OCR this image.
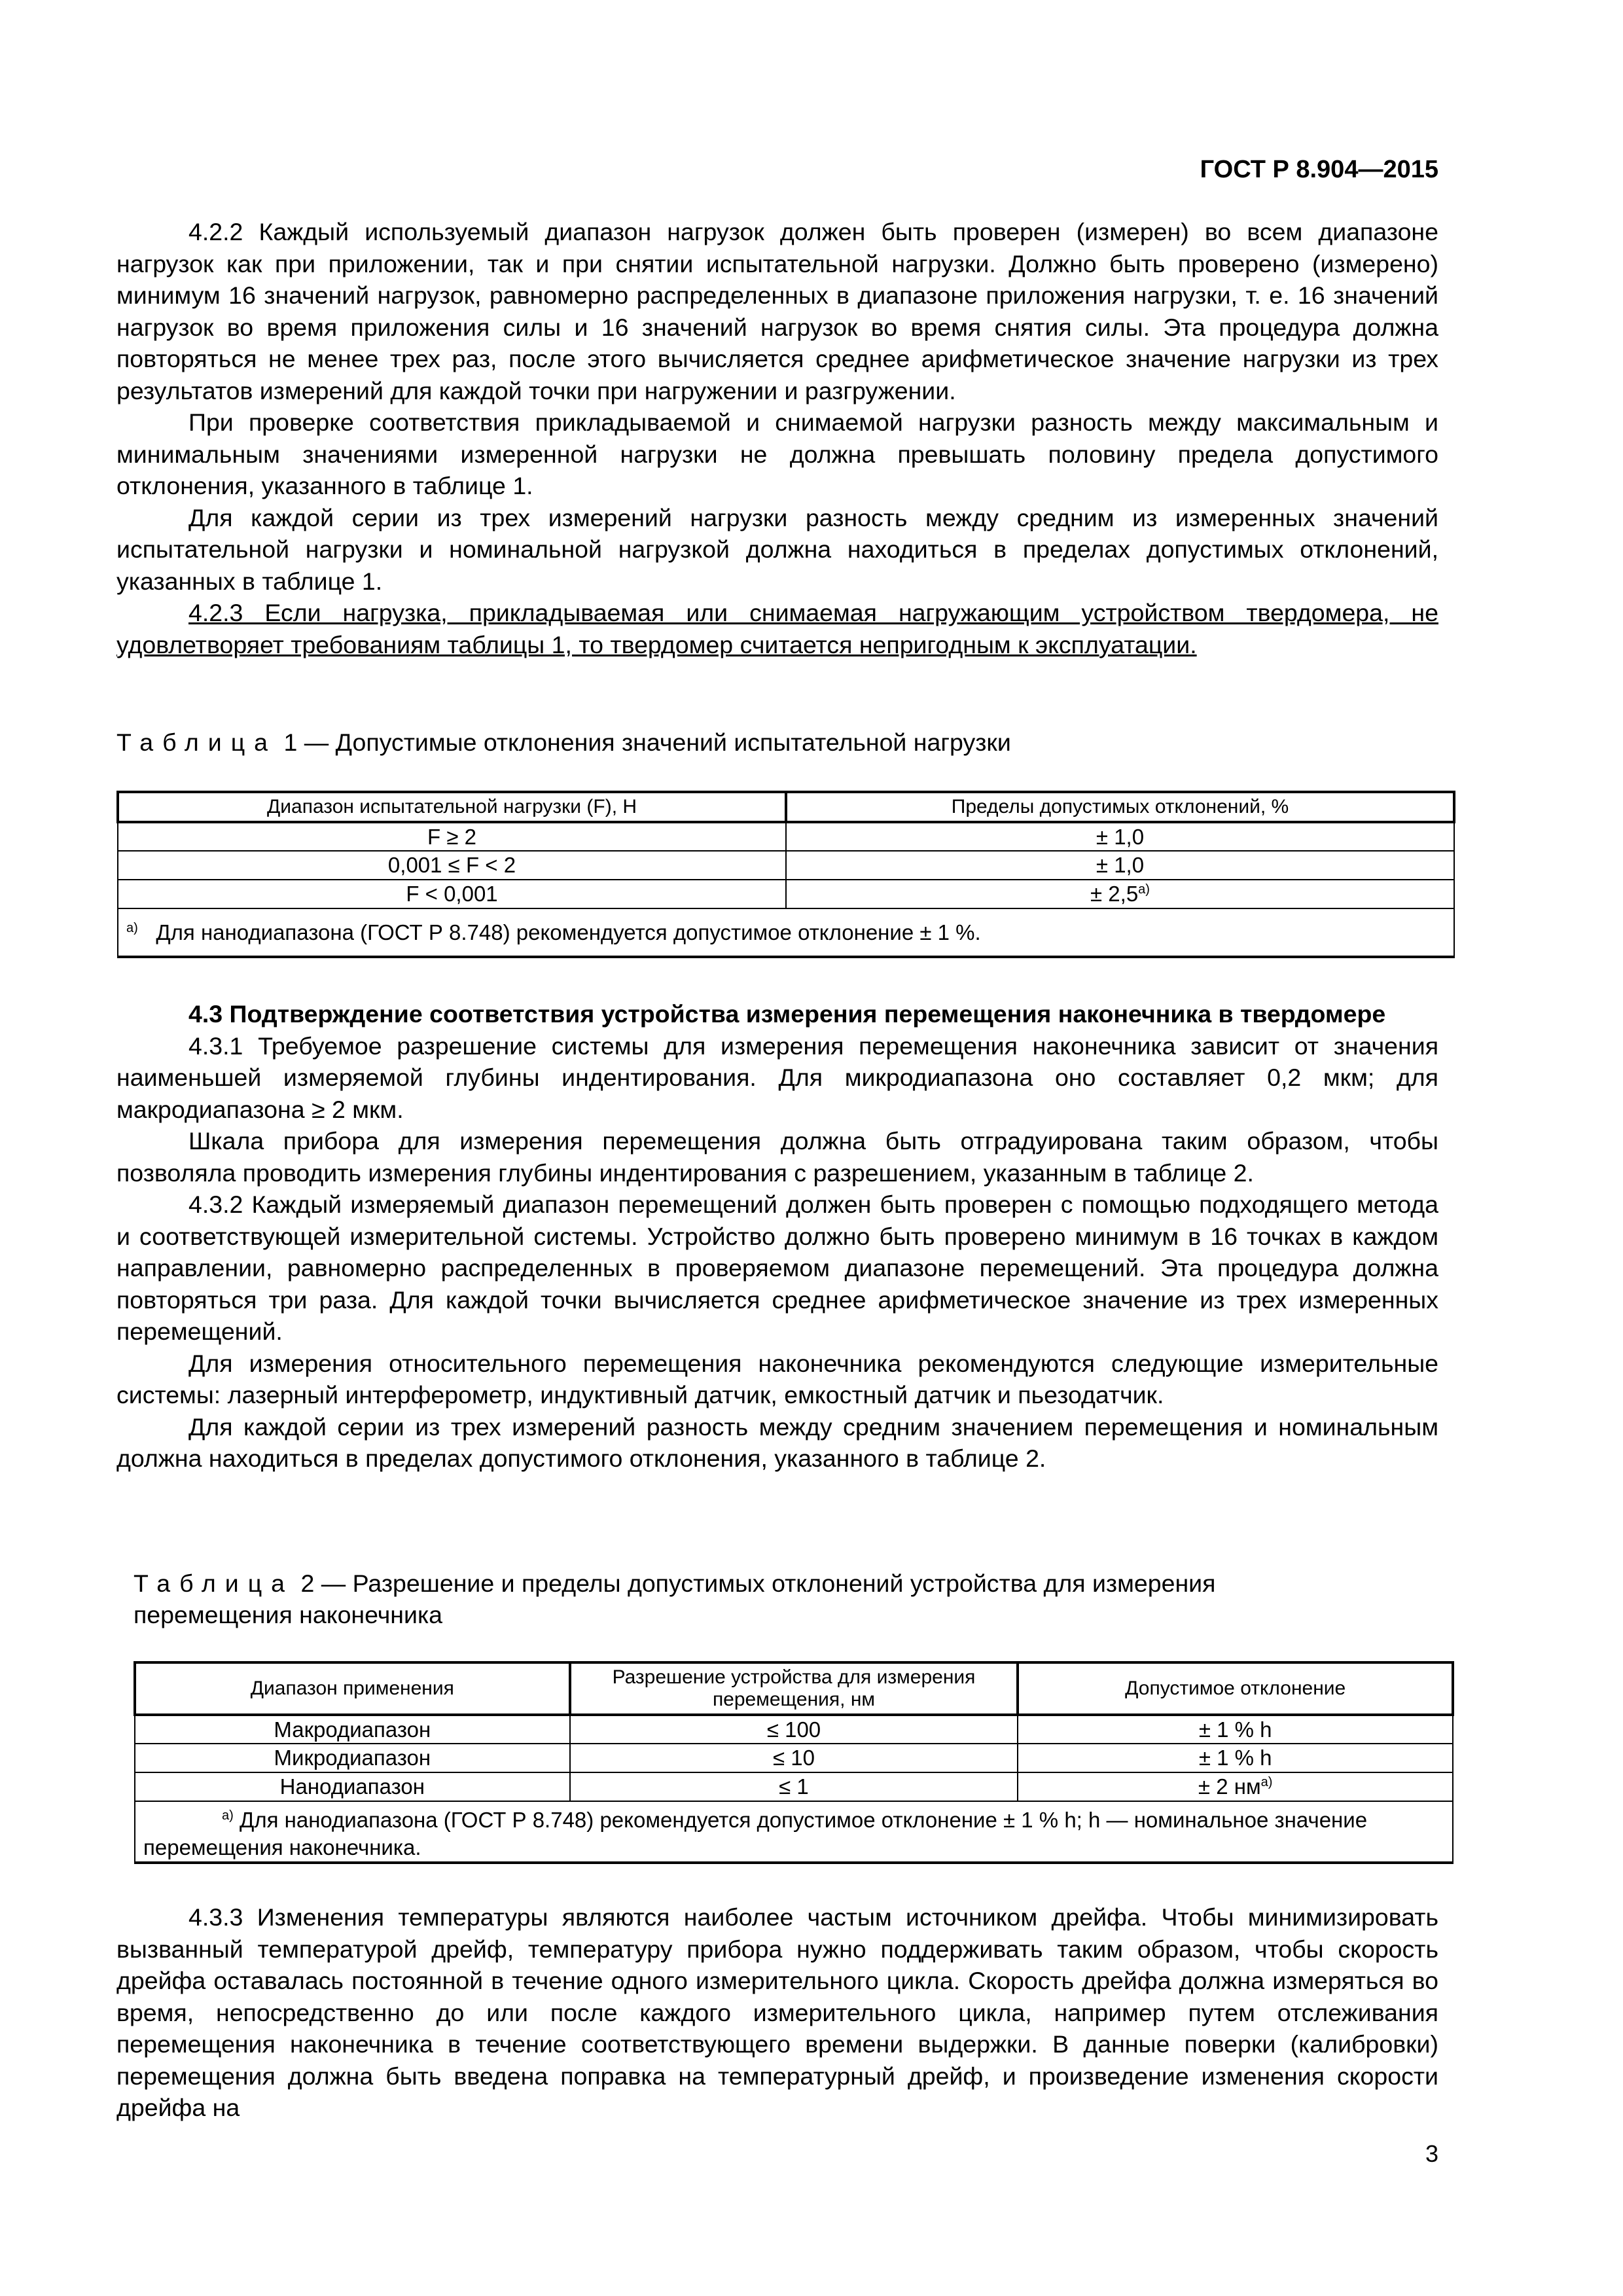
ГОСТ Р 8.904—2015

4.2.2 Каждый используемый диапазон нагрузок должен быть проверен (измерен) во всем диапазоне нагрузок как при приложении, так и при снятии испытательной нагрузки. Должно быть проверено (измерено) минимум 16 значений нагрузок, равномерно распределенных в диапазоне приложения нагрузки, т. е. 16 значений нагрузок во время приложения силы и 16 значений нагрузок во время снятия силы. Эта процедура должна повторяться не менее трех раз, после этого вычисляется среднее арифметическое значение нагрузки из трех результатов измерений для каждой точки при нагружении и разгружении.

При проверке соответствия прикладываемой и снимаемой нагрузки разность между максимальным и минимальным значениями измеренной нагрузки не должна превышать половину предела допустимого отклонения, указанного в таблице 1.

Для каждой серии из трех измерений нагрузки разность между средним из измеренных значений испытательной нагрузки и номинальной нагрузкой должна находиться в пределах допустимых отклонений, указанных в таблице 1.

4.2.3 Если нагрузка, прикладываемая или снимаемая нагружающим устройством твердомера, не удовлетворяет требованиям таблицы 1, то твердомер считается непригодным к эксплуатации.

Таблица 1 — Допустимые отклонения значений испытательной нагрузки

Диапазон испытательной нагрузки (F), Н	Пределы допустимых отклонений, %
F ≥ 2	± 1,0
0,001 ≤ F < 2	± 1,0
F < 0,001	± $2,5^{а)}$
$^{а)}$ Для нанодиапазона (ГОСТ Р 8.748) рекомендуется допустимое отклонение ± 1 %.	

4.3 Подтверждение соответствия устройства измерения перемещения наконечника в твердомере

4.3.1 Требуемое разрешение системы для измерения перемещения наконечника зависит от значения наименьшей измеряемой глубины индентирования. Для микродиапазона оно составляет 0,2 мкм; для макродиапазона ≥ 2 мкм.

Шкала прибора для измерения перемещения должна быть отградуирована таким образом, чтобы позволяла проводить измерения глубины индентирования с разрешением, указанным в таблице 2.

4.3.2 Каждый измеряемый диапазон перемещений должен быть проверен с помощью подходящего метода и соответствующей измерительной системы. Устройство должно быть проверено минимум в 16 точках в каждом направлении, равномерно распределенных в проверяемом диапазоне перемещений. Эта процедура должна повторяться три раза. Для каждой точки вычисляется среднее арифметическое значение из трех измеренных перемещений.

Для измерения относительного перемещения наконечника рекомендуются следующие измерительные системы: лазерный интерферометр, индуктивный датчик, емкостный датчик и пьезодатчик.

Для каждой серии из трех измерений разность между средним значением перемещения и номинальным должна находиться в пределах допустимого отклонения, указанного в таблице 2.

Таблица 2 — Разрешение и пределы допустимых отклонений устройства для измерения

перемещения наконечника

Диапазон применения	Разрешение устройства для измерения перемещения, нм	Допустимое отклонение
Макродиапазон	≤ 100	± 1 % h
Микродиапазон	≤ 10	± 1 % h
Нанодиапазон	≤ 1	± 2 $нм^{а)}$
$^{а)}$ Для нанодиапазона (ГОСТ Р 8.748) рекомендуется допустимое отклонение ± 1 % h; h — номинальное значение перемещения наконечника.		

4.3.3 Изменения температуры являются наиболее частым источником дрейфа. Чтобы минимизировать вызванный температурой дрейф, температуру прибора нужно поддерживать таким образом, чтобы скорость дрейфа оставалась постоянной в течение одного измерительного цикла. Скорость дрейфа должна измеряться во время, непосредственно до или после каждого измерительного цикла, например путем отслеживания перемещения наконечника в течение соответствующего времени выдержки. В данные поверки (калибровки) перемещения должна быть введена поправка на температурный дрейф, и произведение изменения скорости дрейфа на

3
